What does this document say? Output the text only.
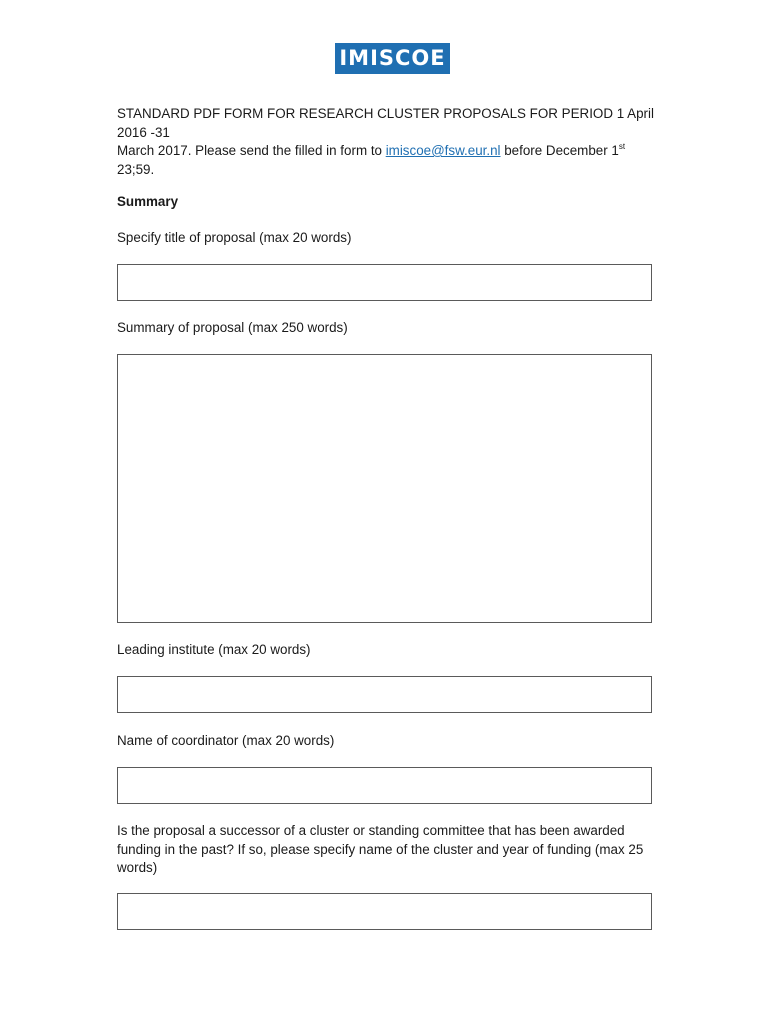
IMISCOE
STANDARD PDF FORM FOR RESEARCH CLUSTER PROPOSALS FOR PERIOD 1 April 2016 -31
March 2017. Please send the filled in form to imiscoe@fsw.eur.nl before December 1st
23;59.
Summary
Specify title of proposal (max 20 words)
Summary of proposal (max 250 words)
Leading institute (max 20 words)
Name of coordinator (max 20 words)
Is the proposal a successor of a cluster or standing committee that has been awarded
funding in the past? If so, please specify name of the cluster and year of funding (max 25
words)
